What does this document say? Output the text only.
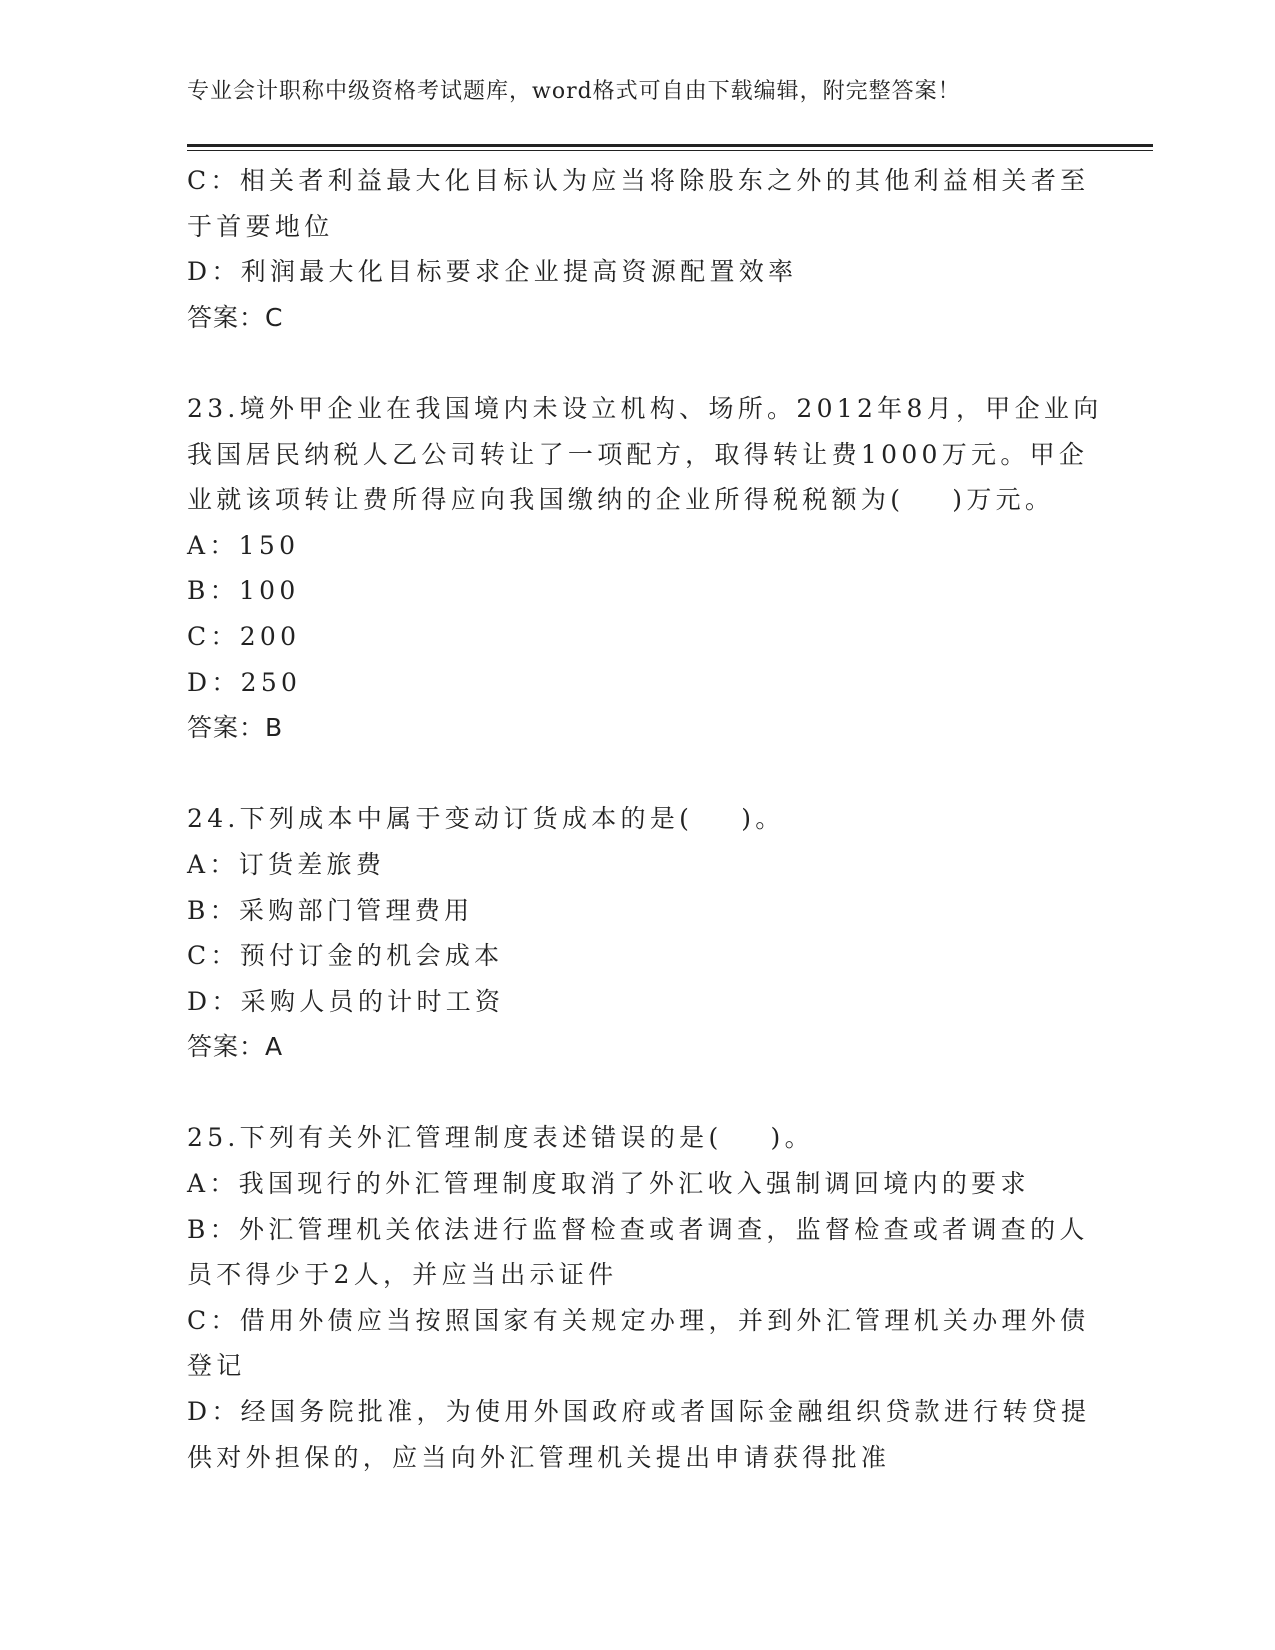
专业会计职称中级资格考试题库，word格式可自由下载编辑，附完整答案！
C：相关者利益最大化目标认为应当将除股东之外的其他利益相关者至
于首要地位
D：利润最大化目标要求企业提高资源配置效率
答案：C
23.境外甲企业在我国境内未设立机构、场所。2012年8月，甲企业向
我国居民纳税人乙公司转让了一项配方，取得转让费1000万元。甲企
业就该项转让费所得应向我国缴纳的企业所得税税额为( )万元。
A：150
B：100
C：200
D：250
答案：B
24.下列成本中属于变动订货成本的是( )。
A：订货差旅费
B：采购部门管理费用
C：预付订金的机会成本
D：采购人员的计时工资
答案：A
25.下列有关外汇管理制度表述错误的是( )。
A：我国现行的外汇管理制度取消了外汇收入强制调回境内的要求
B：外汇管理机关依法进行监督检查或者调查，监督检查或者调查的人
员不得少于2人，并应当出示证件
C：借用外债应当按照国家有关规定办理，并到外汇管理机关办理外债
登记
D：经国务院批准，为使用外国政府或者国际金融组织贷款进行转贷提
供对外担保的，应当向外汇管理机关提出申请获得批准
